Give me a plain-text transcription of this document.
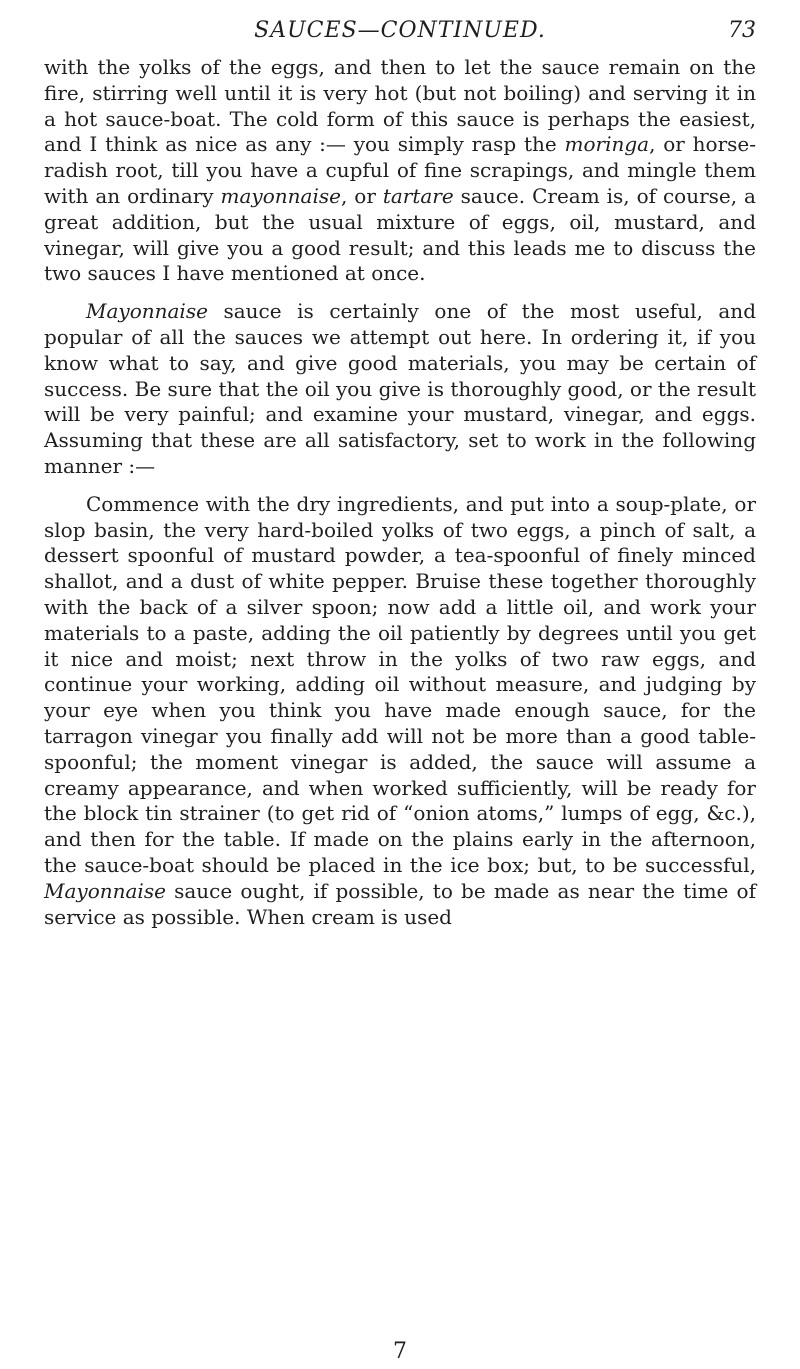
SAUCES—CONTINUED.	73

with the yolks of the eggs, and then to let the sauce remain on the fire, stirring well until it is very hot (but not boiling) and serving it in a hot sauce-boat. The cold form of this sauce is perhaps the easiest, and I think as nice as any :— you simply rasp the moringa, or horse-radish root, till you have a cupful of fine scrapings, and mingle them with an ordinary mayonnaise, or tartare sauce. Cream is, of course, a great addition, but the usual mixture of eggs, oil, mustard, and vinegar, will give you a good result; and this leads me to discuss the two sauces I have mentioned at once.

Mayonnaise sauce is certainly one of the most useful, and popular of all the sauces we attempt out here. In ordering it, if you know what to say, and give good materials, you may be certain of success. Be sure that the oil you give is thoroughly good, or the result will be very painful; and examine your mustard, vinegar, and eggs. Assuming that these are all satisfactory, set to work in the following manner :—

Commence with the dry ingredients, and put into a soup-plate, or slop basin, the very hard-boiled yolks of two eggs, a pinch of salt, a dessert spoonful of mustard powder, a tea-spoonful of finely minced shallot, and a dust of white pepper. Bruise these together thoroughly with the back of a silver spoon; now add a little oil, and work your materials to a paste, adding the oil patiently by degrees until you get it nice and moist; next throw in the yolks of two raw eggs, and continue your working, adding oil without measure, and judging by your eye when you think you have made enough sauce, for the tarragon vinegar you finally add will not be more than a good table-spoonful; the moment vinegar is added, the sauce will assume a creamy appearance, and when worked sufficiently, will be ready for the block tin strainer (to get rid of “onion atoms,” lumps of egg, &c.), and then for the table. If made on the plains early in the afternoon, the sauce-boat should be placed in the ice box; but, to be successful, Mayonnaise sauce ought, if possible, to be made as near the time of service as possible. When cream is used

7
